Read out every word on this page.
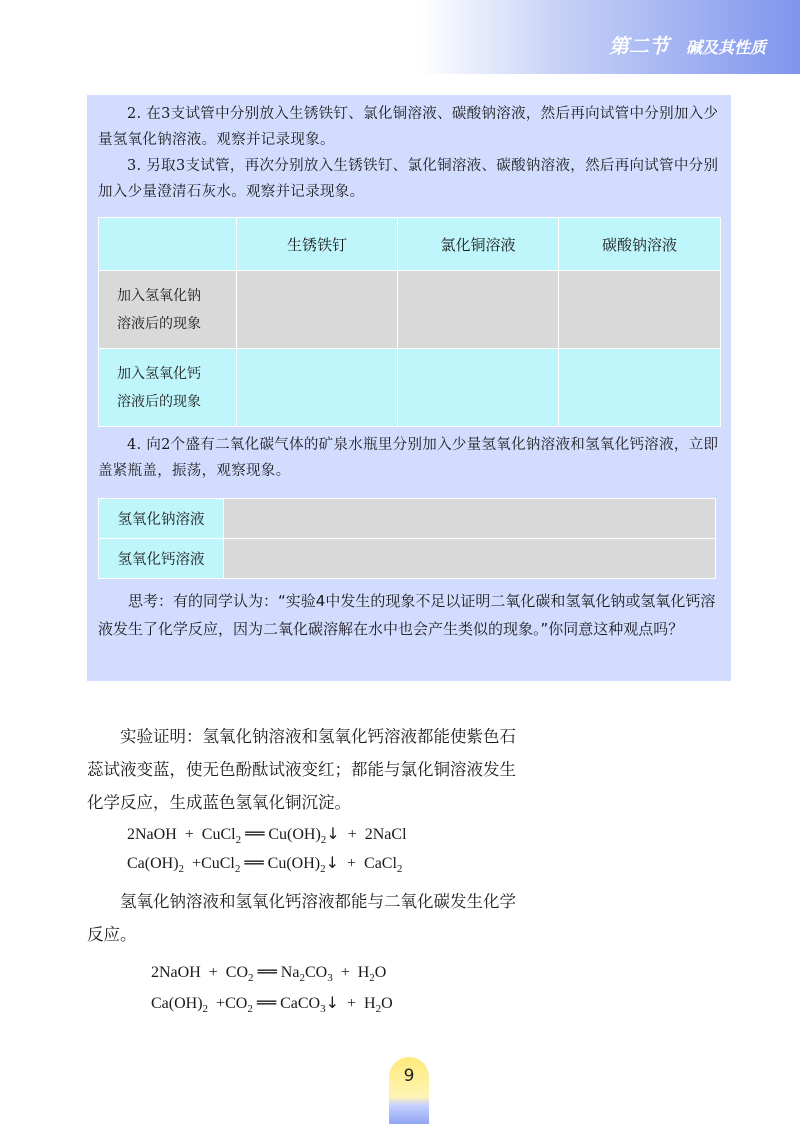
第二节 碱及其性质

2. 在3支试管中分别放入生锈铁钉、氯化铜溶液、碳酸钠溶液，然后再向试管中分别加入少量氢氧化钠溶液。观察并记录现象。

3. 另取3支试管，再次分别放入生锈铁钉、氯化铜溶液、碳酸钠溶液，然后再向试管中分别加入少量澄清石灰水。观察并记录现象。

	生锈铁钉	氯化铜溶液	碳酸钠溶液

加入氢氧化钠
溶液后的现象			

加入氢氧化钙
溶液后的现象			

4. 向2个盛有二氧化碳气体的矿泉水瓶里分别加入少量氢氧化钠溶液和氢氧化钙溶液，立即盖紧瓶盖，振荡，观察现象。

氢氧化钠溶液	
氢氧化钙溶液	

思考：有的同学认为：“实验4中发生的现象不足以证明二氧化碳和氢氧化钠或氢氧化钙溶液发生了化学反应，因为二氧化碳溶解在水中也会产生类似的现象。”你同意这种观点吗？

实验证明：氢氧化钠溶液和氢氧化钙溶液都能使紫色石蕊试液变蓝，使无色酚酞试液变红；都能与氯化铜溶液发生化学反应，生成蓝色氢氧化铜沉淀。

2NaOH  +  CuCl$_2$ ══ $Cu(OH)_2↓$  +  2NaCl
$Ca(OH)_2$  +CuCl$_2$ ══ $Cu(OH)_2↓$  +  CaCl$_2$

氢氧化钠溶液和氢氧化钙溶液都能与二氧化碳发生化学反应。

2NaOH  +  $CO_2$ ══ $Na_2CO_3 + H_2O$
$Ca(OH)_2 +CO_2$ ══ CaCO$_3$↓  +  $H_2O$
9
